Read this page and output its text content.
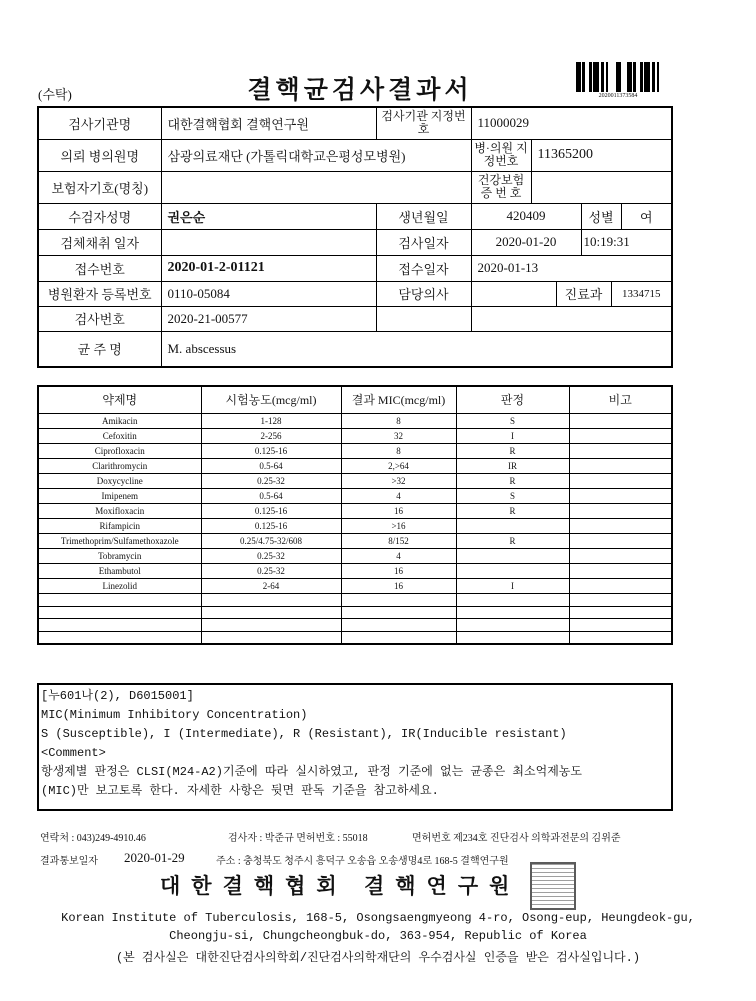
(수탁)	결핵균검사결과서	2020011373584
검사기관명	대한결핵협회 결핵연구원	검사기관 지정번호	11000029					
의뢰 병의원명	삼광의료재단 (가톨릭대학교은평성모병원)		병·의원 지정번호	11365200				
보험자기호(명칭)			건강보험 증 번 호					
수검자성명	권은순	생년월일	420409			성별		여
검체채취 일자		검사일자	2020-01-20			10:19:31		
접수번호	2020-01-2-01121	접수일자	2020-01-13					
병원환자 등록번호	0110-05084	담당의사			진료과		1334715	
검사번호	2020-21-00577							
균 주 명	M. abscessus							
약제명	시험농도(mcg/ml)	결과 MIC(mcg/ml)	판정	비고
Amikacin	1-128	8	S	
Cefoxitin	2-256	32	I	
Ciprofloxacin	0.125-16	8	R	
Clarithromycin	0.5-64	2,>64	IR	
Doxycycline	0.25-32	>32	R	
Imipenem	0.5-64	4	S	
Moxifloxacin	0.125-16	16	R	
Rifampicin	0.125-16	>16		
Trimethoprim/Sulfamethoxazole	0.25/4.75-32/608	8/152	R	
Tobramycin	0.25-32	4		
Ethambutol	0.25-32	16		
Linezolid	2-64	16	I	

[누601나(2), D6015001]
MIC(Minimum Inhibitory Concentration)
S (Susceptible), I (Intermediate), R (Resistant), IR(Inducible resistant)
<Comment>
항생제별 판정은 CLSI(M24-A2)기준에 따라 실시하였고, 판정 기준에 없는 균종은 최소억제농도
(MIC)만 보고토록 한다. 자세한 사항은 뒷면 판독 기준을 참고하세요.
연락처 : 043)249-4910.46	검사자 : 박준규 면허번호 : 55018	면허번호 제234호 진단검사 의학과전문의 김위준
결과통보일자 2020-01-29	주소 : 충청북도 청주시 흥덕구 오송읍 오송생명4로 168-5 결핵연구원
대한결핵협회 결핵연구원
Korean Institute of Tuberculosis, 168-5, Osongsaengmyeong 4-ro, Osong-eup, Heungdeok-gu,
Cheongju-si, Chungcheongbuk-do, 363-954, Republic of Korea
(본 검사실은 대한진단검사의학회/진단검사의학재단의 우수검사실 인증을 받은 검사실입니다.)
